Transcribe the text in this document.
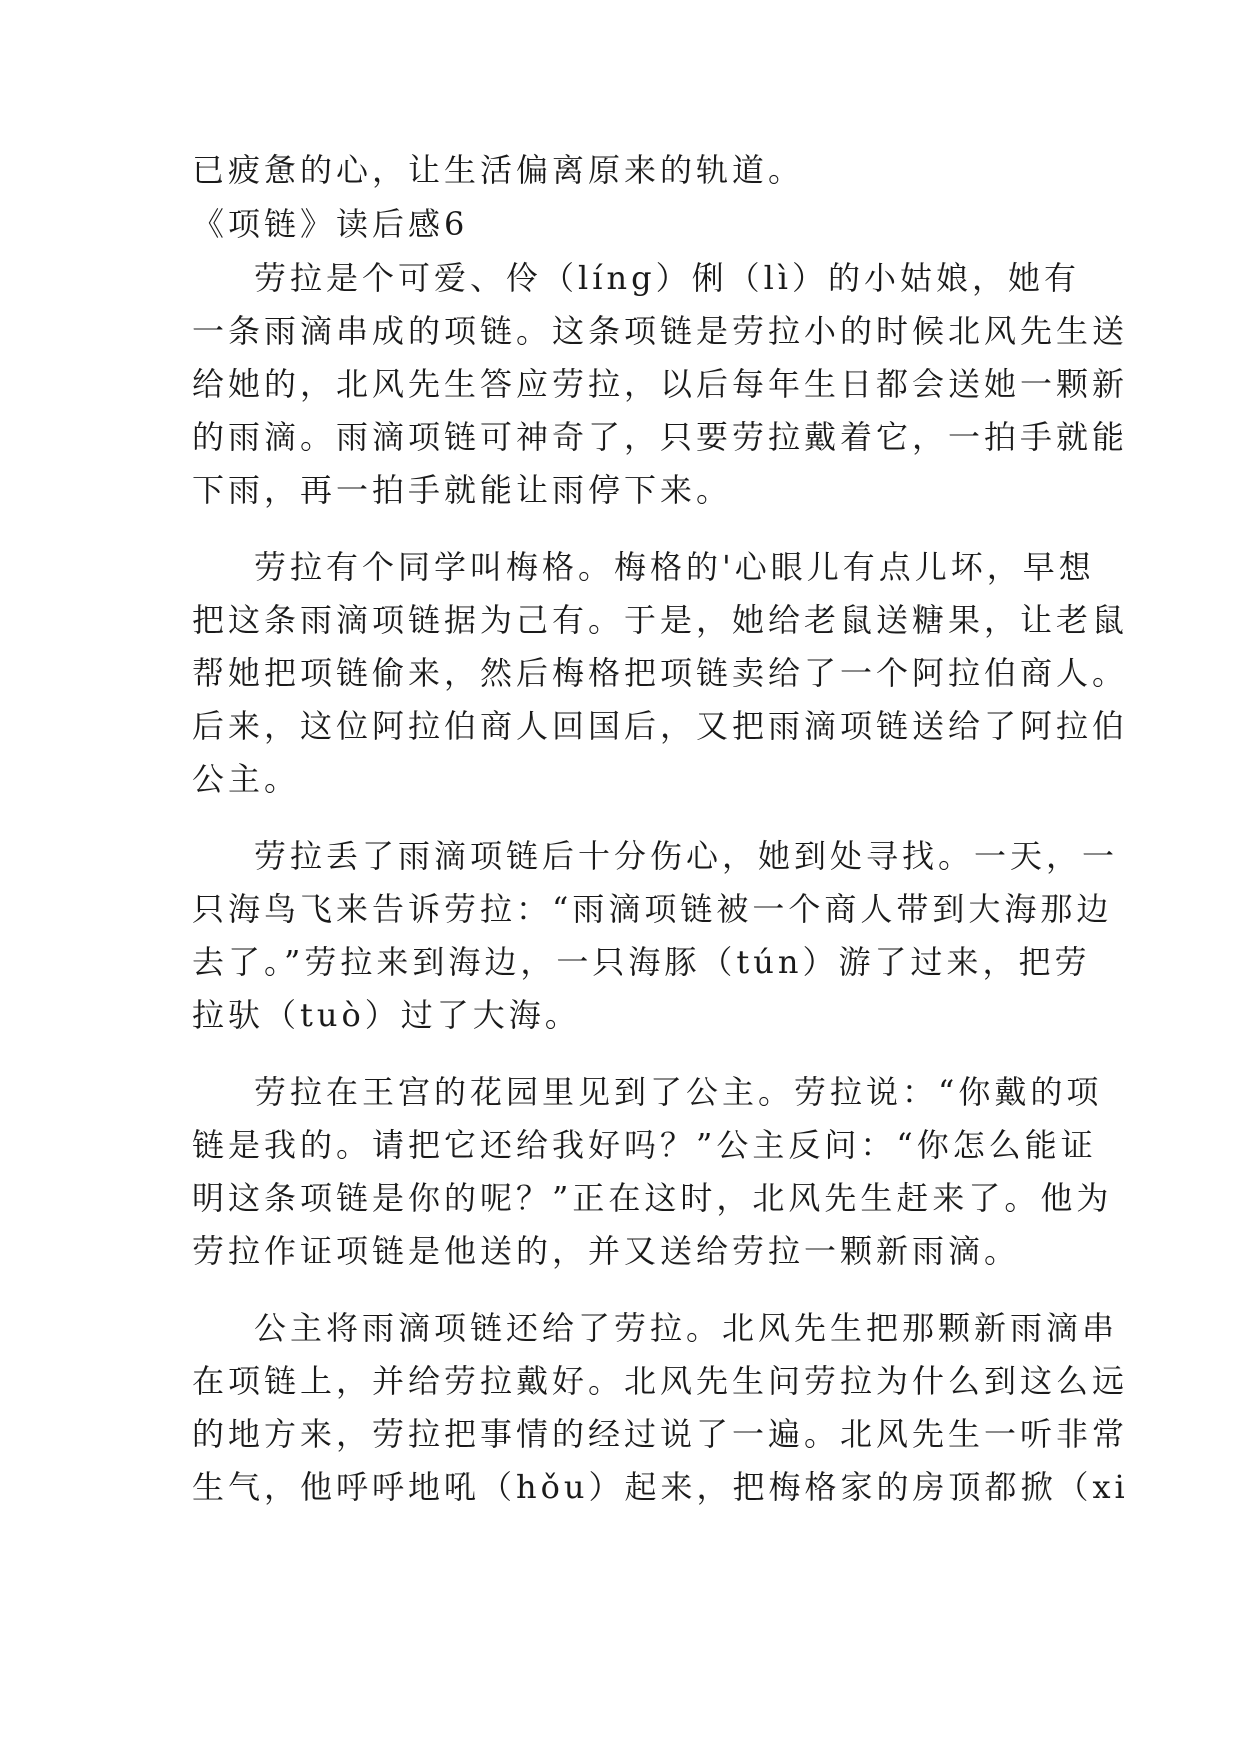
已疲惫的心，让生活偏离原来的轨道。
《项链》读后感6
劳拉是个可爱、伶（líng）俐（lì）的小姑娘，她有
一条雨滴串成的项链。这条项链是劳拉小的时候北风先生送
给她的，北风先生答应劳拉，以后每年生日都会送她一颗新
的雨滴。雨滴项链可神奇了，只要劳拉戴着它，一拍手就能
下雨，再一拍手就能让雨停下来。
劳拉有个同学叫梅格。梅格的'心眼儿有点儿坏，早想
把这条雨滴项链据为己有。于是，她给老鼠送糖果，让老鼠
帮她把项链偷来，然后梅格把项链卖给了一个阿拉伯商人。
后来，这位阿拉伯商人回国后，又把雨滴项链送给了阿拉伯
公主。
劳拉丢了雨滴项链后十分伤心，她到处寻找。一天，一
只海鸟飞来告诉劳拉：“雨滴项链被一个商人带到大海那边
去了。”劳拉来到海边，一只海豚（tún）游了过来，把劳
拉驮（tuò）过了大海。
劳拉在王宫的花园里见到了公主。劳拉说：“你戴的项
链是我的。请把它还给我好吗？”公主反问：“你怎么能证
明这条项链是你的呢？”正在这时，北风先生赶来了。他为
劳拉作证项链是他送的，并又送给劳拉一颗新雨滴。
公主将雨滴项链还给了劳拉。北风先生把那颗新雨滴串
在项链上，并给劳拉戴好。北风先生问劳拉为什么到这么远
的地方来，劳拉把事情的经过说了一遍。北风先生一听非常
生气，他呼呼地吼（hǒu）起来，把梅格家的房顶都掀（xi
